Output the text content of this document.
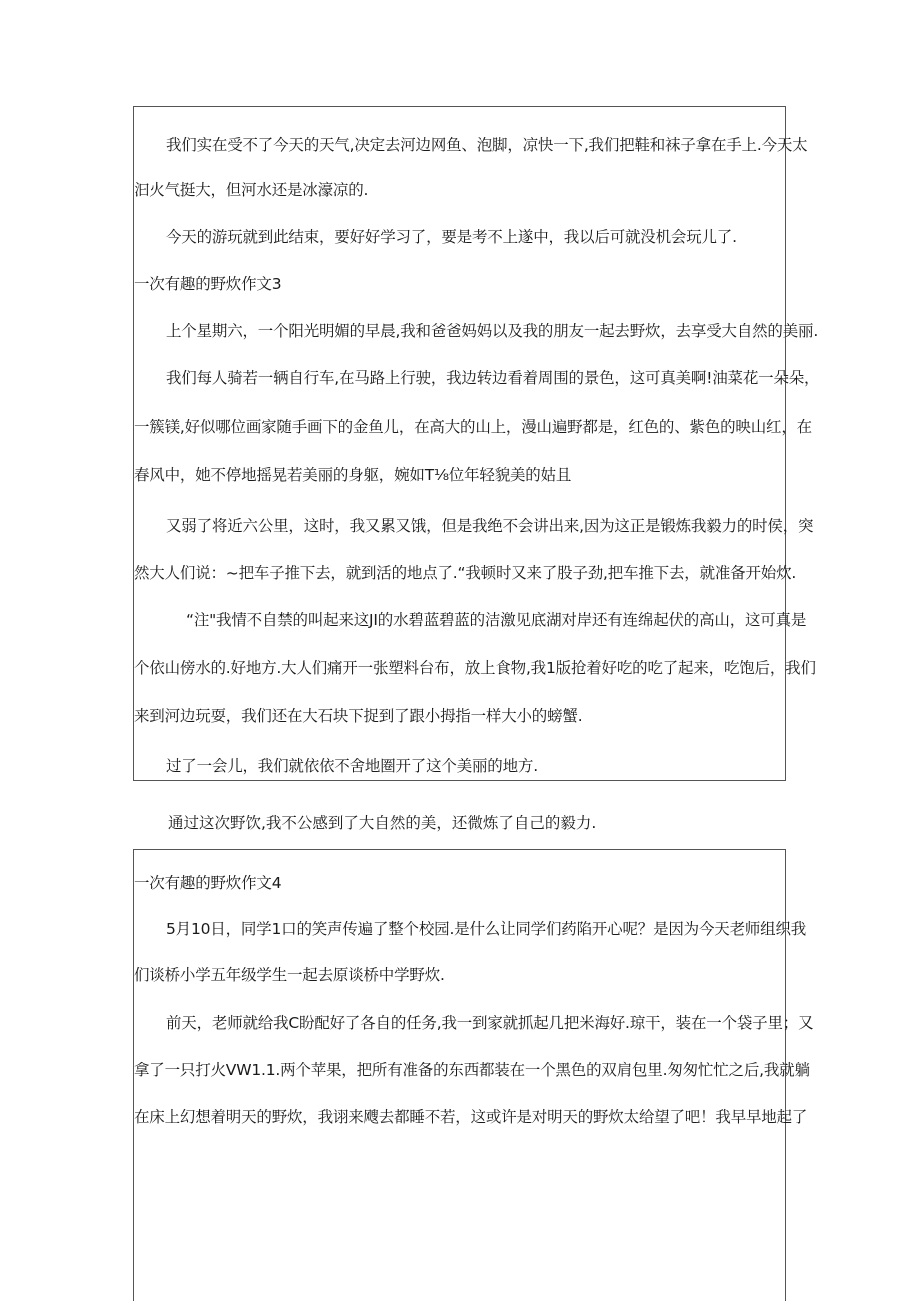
我们实在受不了今天的天气,决定去河边网鱼、泡脚，凉快一下,我们把鞋和袜子拿在手上.今天太
汩火气挺大，但河水还是冰濠凉的.
今天的游玩就到此结束，要好好学习了，要是考不上遂中，我以后可就没机会玩儿了.
一次有趣的野炊作文3
上个星期六，一个阳光明媚的早晨,我和爸爸妈妈以及我的朋友一起去野炊，去享受大自然的美丽.
我们每人骑若一辆自行车,在马路上行驶，我边转边看着周围的景色，这可真美啊!油菜花一朵朵，
一簇镁,好似哪位画家随手画下的金鱼儿，在高大的山上，漫山遍野都是，红色的、紫色的映山红，在
春风中，她不停地摇晃若美丽的身躯，婉如T⅛位年轻貌美的姑且
又弱了将近六公里，这时，我又累又饿，但是我绝不会讲出来,因为这正是锻炼我毅力的时侯，突
然大人们说：~把车子推下去，就到活的地点了.“我顿时又来了股子劲,把车推下去，就准备开始炊.
“注"我情不自禁的叫起来这JI的水碧蓝碧蓝的洁激见底湖对岸还有连绵起伏的高山，这可真是
个依山傍水的.好地方.大人们痛开一张塑料台布，放上食物,我1版抢着好吃的吃了起来，吃饱后，我们
来到河边玩耍，我们还在大石块下捉到了跟小拇指一样大小的螃蟹.
过了一会儿，我们就依依不舍地圈开了这个美丽的地方.
通过这次野饮,我不公感到了大自然的美，还微炼了自己的毅力.
一次有趣的野炊作文4
5月10日，同学1口的笑声传遍了整个校园.是什么让同学们药陷开心呢？是因为今天老师组织我
们谈桥小学五年级学生一起去原谈桥中学野炊.
前天，老师就给我C盼配好了各自的任务,我一到家就抓起几把米海好.琼干，装在一个袋子里；又
拿了一只打火VW1.1.两个苹果，把所有准备的东西都装在一个黑色的双肩包里.匆匆忙忙之后,我就躺
在床上幻想着明天的野炊，我诩来飕去都睡不若，这或许是对明天的野炊太给望了吧！我早早地起了
